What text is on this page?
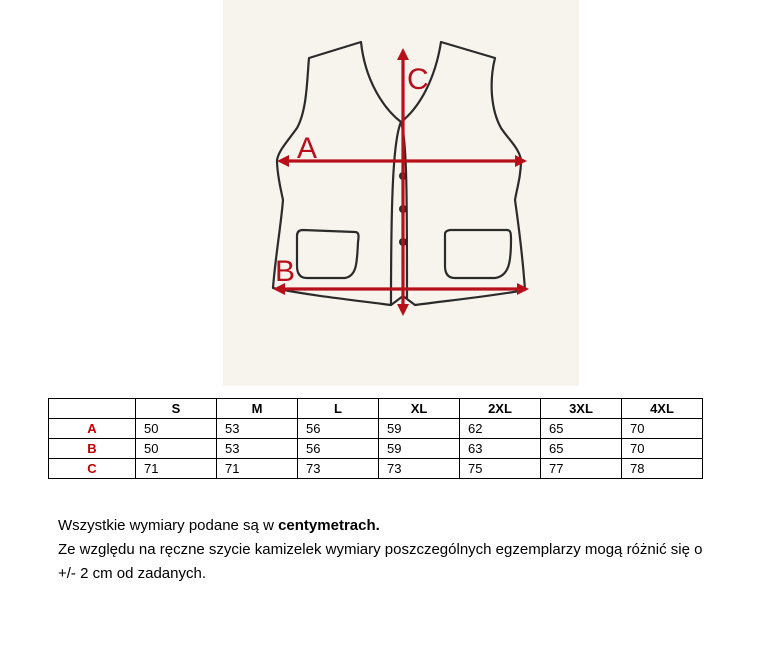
A
B
C
	S	M	L	XL	2XL	3XL	4XL
A	50	53	56	59	62	65	70
B	50	53	56	59	63	65	70
C	71	71	73	73	75	77	78

Wszystkie wymiary podane są w centymetrach.

Ze względu na ręczne szycie kamizelek wymiary poszczególnych egzemplarzy mogą różnić się o

+/- 2 cm od zadanych.
